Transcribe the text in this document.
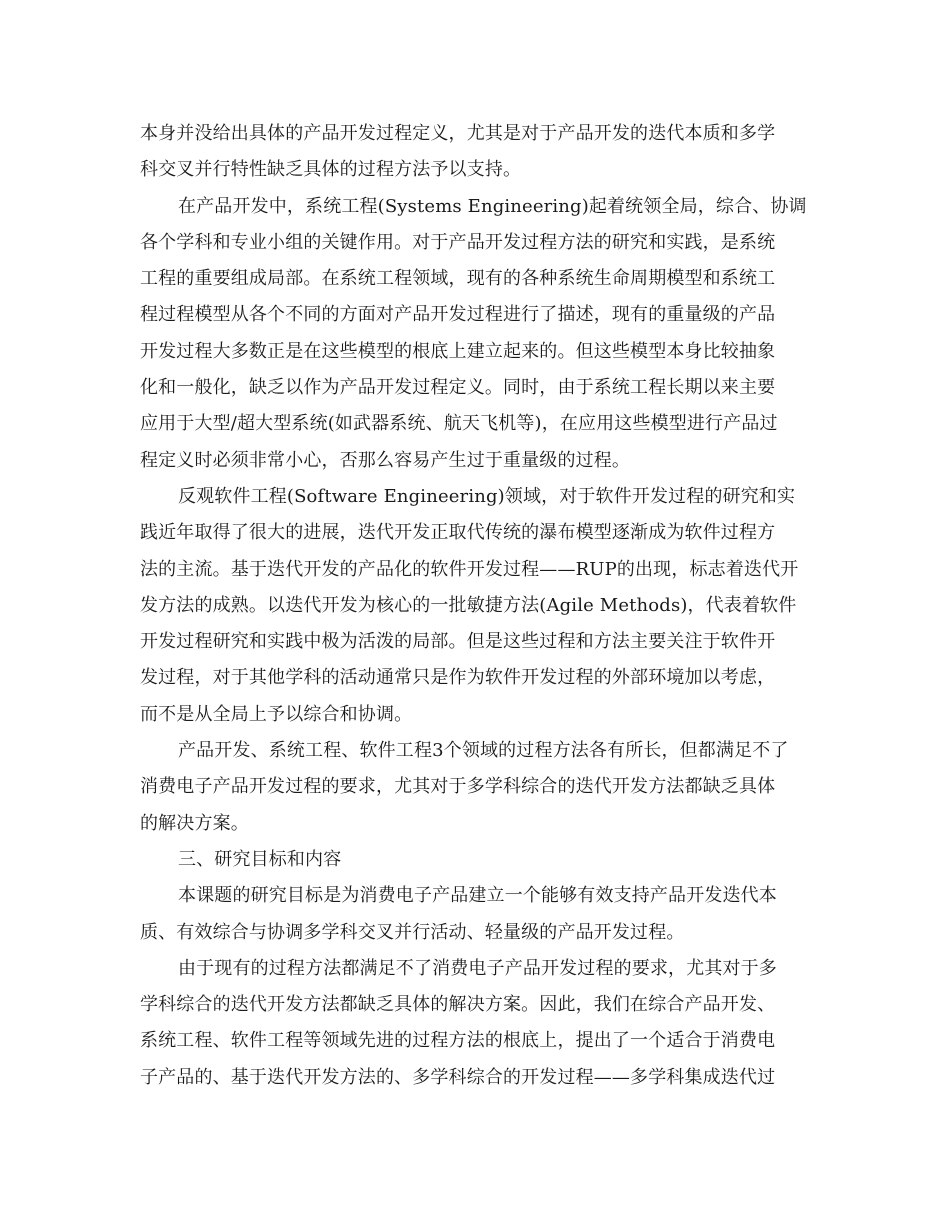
本身并没给出具体的产品开发过程定义，尤其是对于产品开发的迭代本质和多学
科交叉并行特性缺乏具体的过程方法予以支持。
在产品开发中，系统工程(Systems Engineering)起着统领全局，综合、协调
各个学科和专业小组的关键作用。对于产品开发过程方法的研究和实践，是系统
工程的重要组成局部。在系统工程领域，现有的各种系统生命周期模型和系统工
程过程模型从各个不同的方面对产品开发过程进行了描述，现有的重量级的产品
开发过程大多数正是在这些模型的根底上建立起来的。但这些模型本身比较抽象
化和一般化，缺乏以作为产品开发过程定义。同时，由于系统工程长期以来主要
应用于大型/超大型系统(如武器系统、航天飞机等)，在应用这些模型进行产品过
程定义时必须非常小心，否那么容易产生过于重量级的过程。
反观软件工程(Software Engineering)领域，对于软件开发过程的研究和实
践近年取得了很大的进展，迭代开发正取代传统的瀑布模型逐渐成为软件过程方
法的主流。基于迭代开发的产品化的软件开发过程——RUP的出现，标志着迭代开
发方法的成熟。以迭代开发为核心的一批敏捷方法(Agile Methods)，代表着软件
开发过程研究和实践中极为活泼的局部。但是这些过程和方法主要关注于软件开
发过程，对于其他学科的活动通常只是作为软件开发过程的外部环境加以考虑，
而不是从全局上予以综合和协调。
产品开发、系统工程、软件工程3个领域的过程方法各有所长，但都满足不了
消费电子产品开发过程的要求，尤其对于多学科综合的迭代开发方法都缺乏具体
的解决方案。
三、研究目标和内容
本课题的研究目标是为消费电子产品建立一个能够有效支持产品开发迭代本
质、有效综合与协调多学科交叉并行活动、轻量级的产品开发过程。
由于现有的过程方法都满足不了消费电子产品开发过程的要求，尤其对于多
学科综合的迭代开发方法都缺乏具体的解决方案。因此，我们在综合产品开发、
系统工程、软件工程等领域先进的过程方法的根底上，提出了一个适合于消费电
子产品的、基于迭代开发方法的、多学科综合的开发过程——多学科集成迭代过
